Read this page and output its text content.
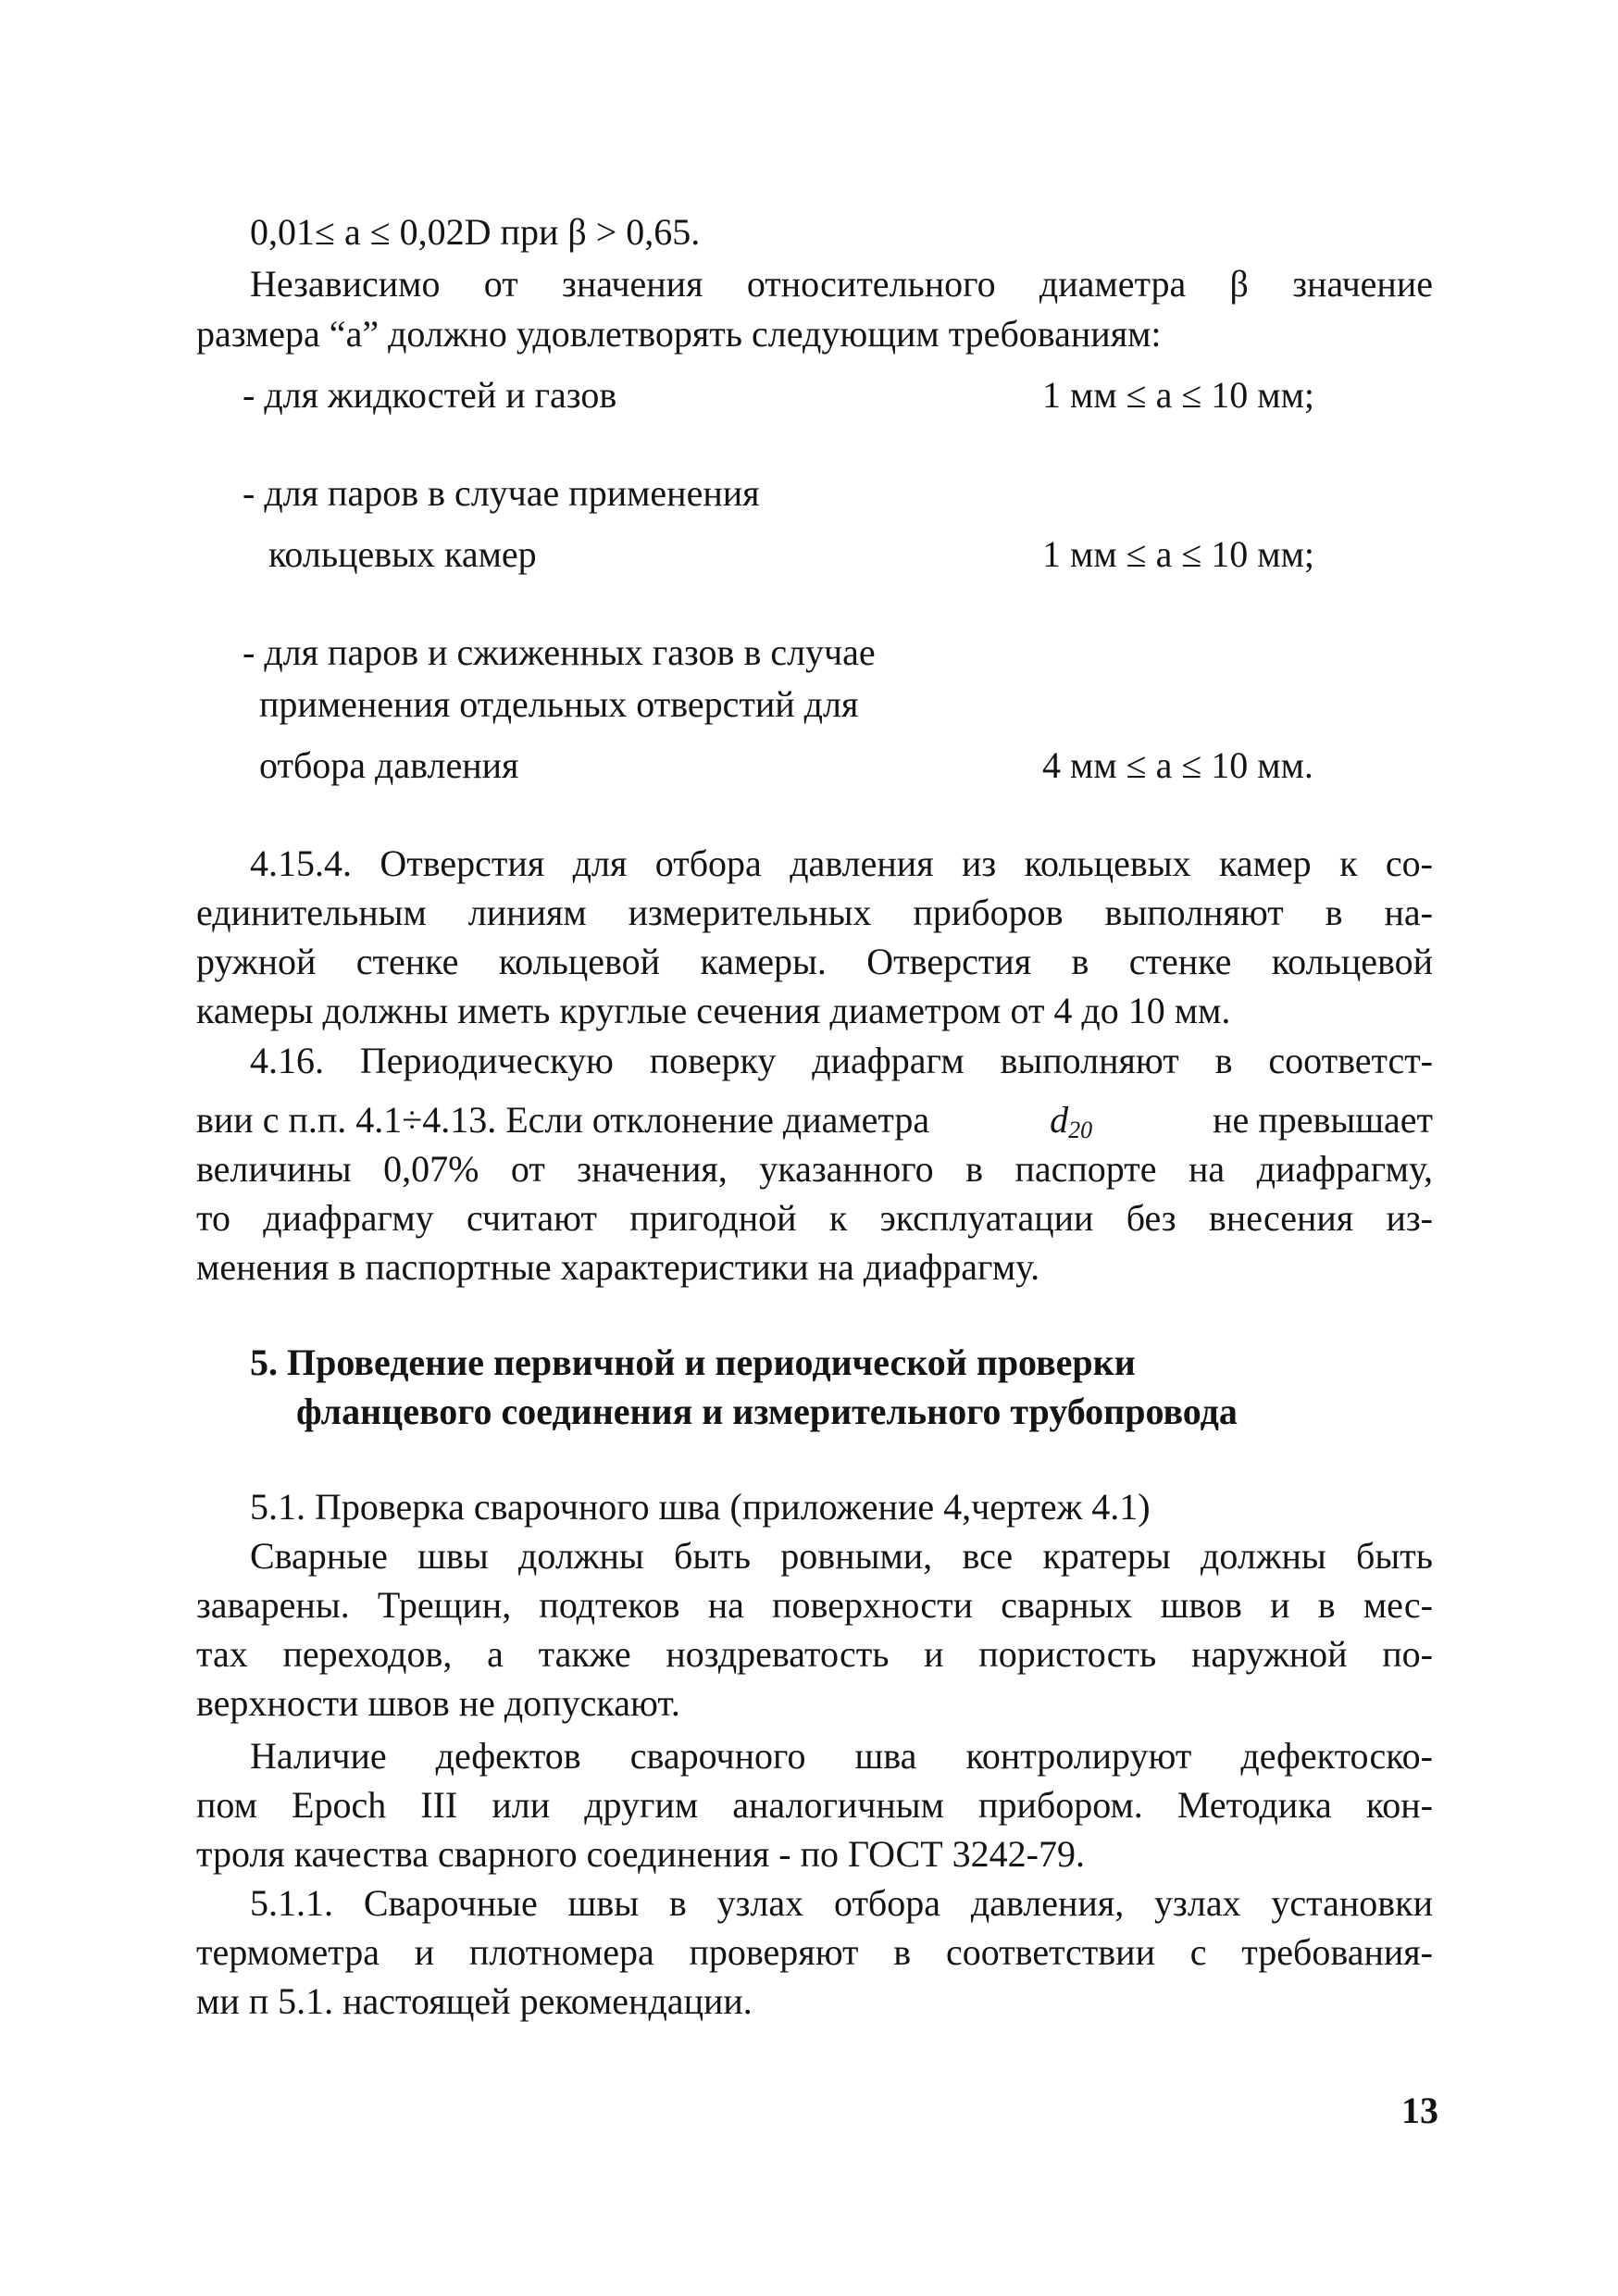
0,01≤ a ≤ 0,02D при β > 0,65.
Независимо от значения относительного диаметра β значение
размера “а” должно удовлетворять следующим требованиям:
- для жидкостей и газов	1 мм ≤ а ≤ 10 мм;
- для паров в случае применения
кольцевых камер	1 мм ≤ а ≤ 10 мм;
- для паров и сжиженных газов в случае
применения отдельных отверстий для
отбора давления	4 мм ≤ а ≤ 10 мм.
4.15.4. Отверстия для отбора давления из кольцевых камер к со-
единительным линиям измерительных приборов выполняют в на-
ружной стенке кольцевой камеры. Отверстия в стенке кольцевой
камеры должны иметь круглые сечения диаметром от 4 до 10 мм.
4.16. Периодическую поверку диафрагм выполняют в соответст-
вии с п.п. 4.1÷4.13. Если отклонение диаметра	d20	не превышает
величины 0,07% от значения, указанного в паспорте на диафрагму,
то диафрагму считают пригодной к эксплуатации без внесения из-
менения в паспортные характеристики на диафрагму.
5. Проведение первичной и периодической проверки
фланцевого соединения и измерительного трубопровода
5.1. Проверка сварочного шва (приложение 4,чертеж 4.1)
Сварные швы должны быть ровными, все кратеры должны быть
заварены. Трещин, подтеков на поверхности сварных швов и в мес-
тах переходов, а также ноздреватость и пористость наружной по-
верхности швов не допускают.
Наличие дефектов сварочного шва контролируют дефектоско-
пом Epoch III или другим аналогичным прибором. Методика кон-
троля качества сварного соединения - по ГОСТ 3242-79.
5.1.1. Сварочные швы в узлах отбора давления, узлах установки
термометра и плотномера проверяют в соответствии с требования-
ми п 5.1. настоящей рекомендации.
13
